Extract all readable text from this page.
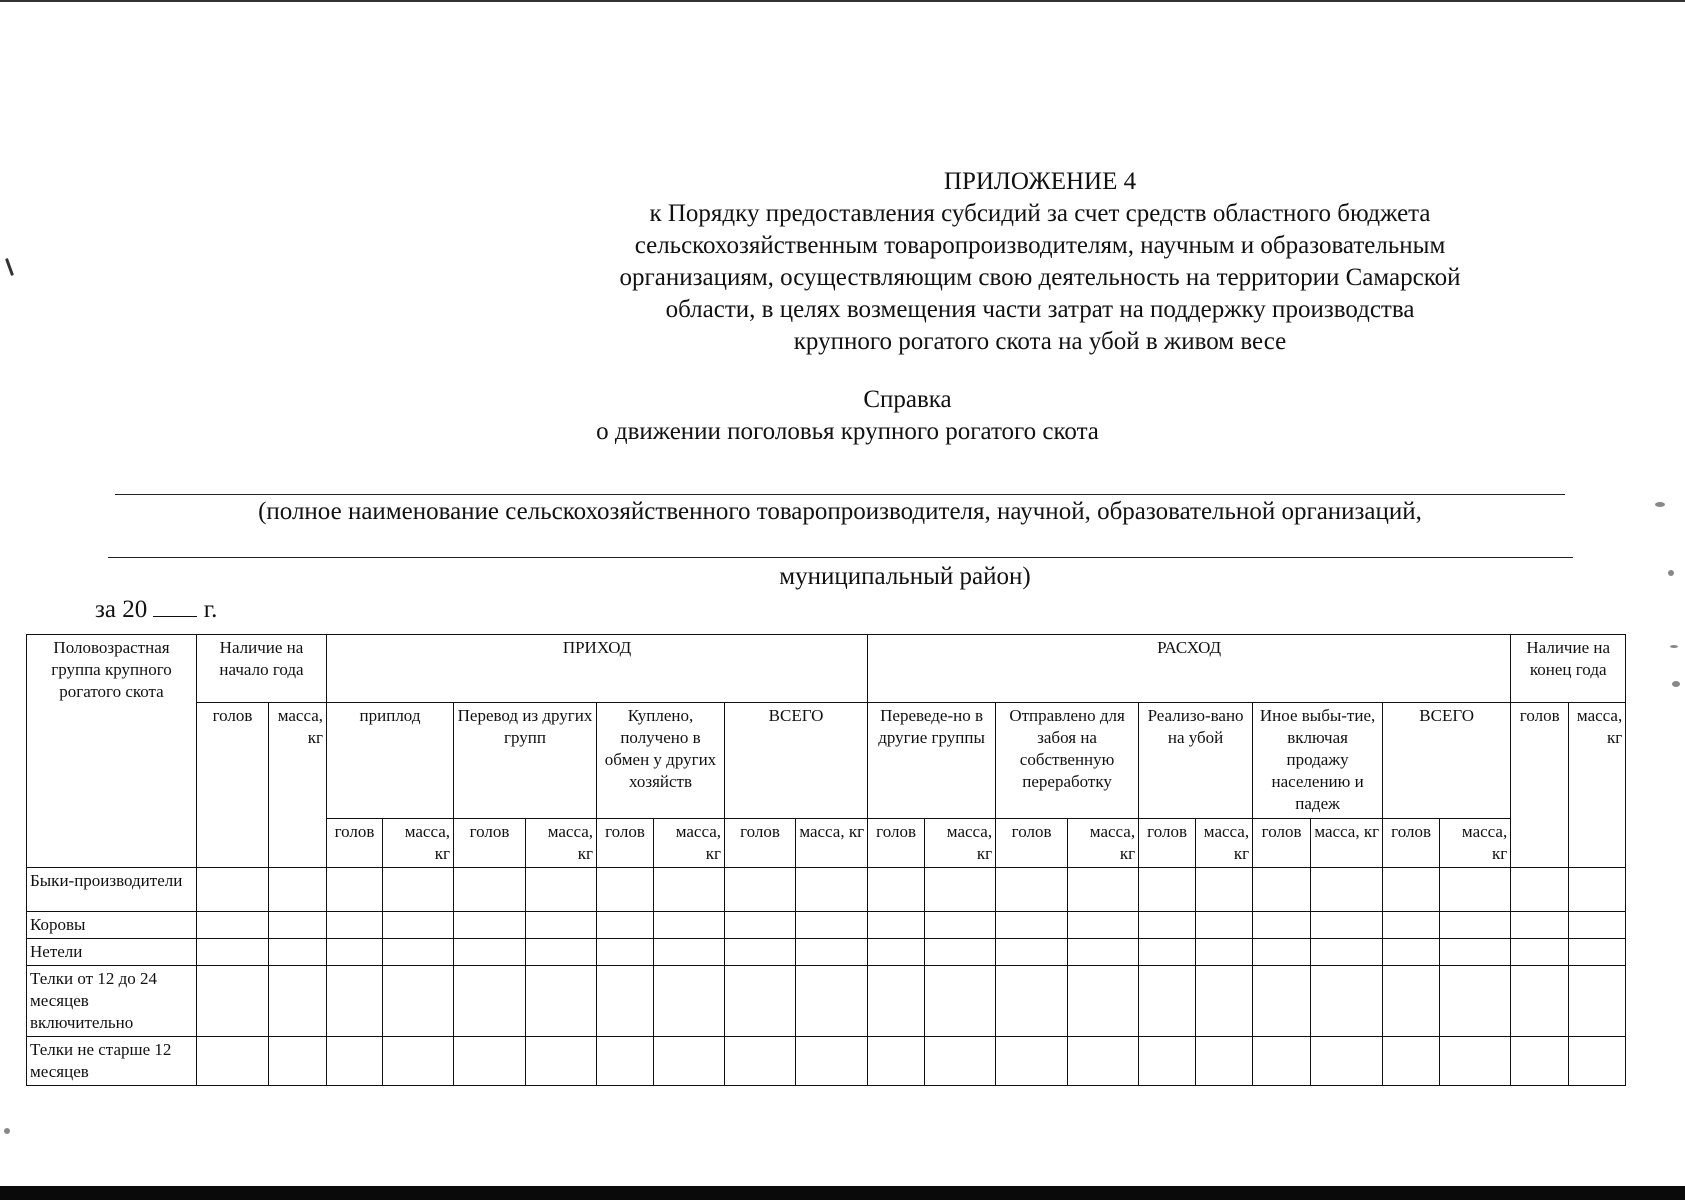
ПРИЛОЖЕНИЕ 4
к Порядку предоставления субсидий за счет средств областного бюджета
сельскохозяйственным товаропроизводителям, научным и образовательным
организациям, осуществляющим свою деятельность на территории Самарской
области, в целях возмещения части затрат на поддержку производства
крупного рогатого скота на убой в живом весе
Справка
о движении поголовья крупного рогатого скота
(полное наименование сельскохозяйственного товаропроизводителя, научной, образовательной организаций,
муниципальный район)
за 20 г.
Половозрастная группа крупного рогатого скота	Наличие на начало года		ПРИХОД								РАСХОД										Наличие на конец года	
	голов	масса, кг	приплод		Перевод из других групп		Куплено, получено в обмен у других хозяйств		ВСЕГО		Переведе-но в другие группы		Отправлено для забоя на собственную переработку		Реализо-вано на убой		Иное выбы-тие, включая продажу населению и падеж		ВСЕГО		голов	масса, кг
			голов	масса, кг	голов	масса, кг	голов	масса, кг	голов	масса, кг	голов	масса, кг	голов	масса, кг	голов	масса, кг	голов	масса, кг	голов	масса, кг		
Быки-производители																						
Коровы																						
Нетели																						
Телки от 12 до 24 месяцев включительно																						
Телки не старше 12 месяцев																						
